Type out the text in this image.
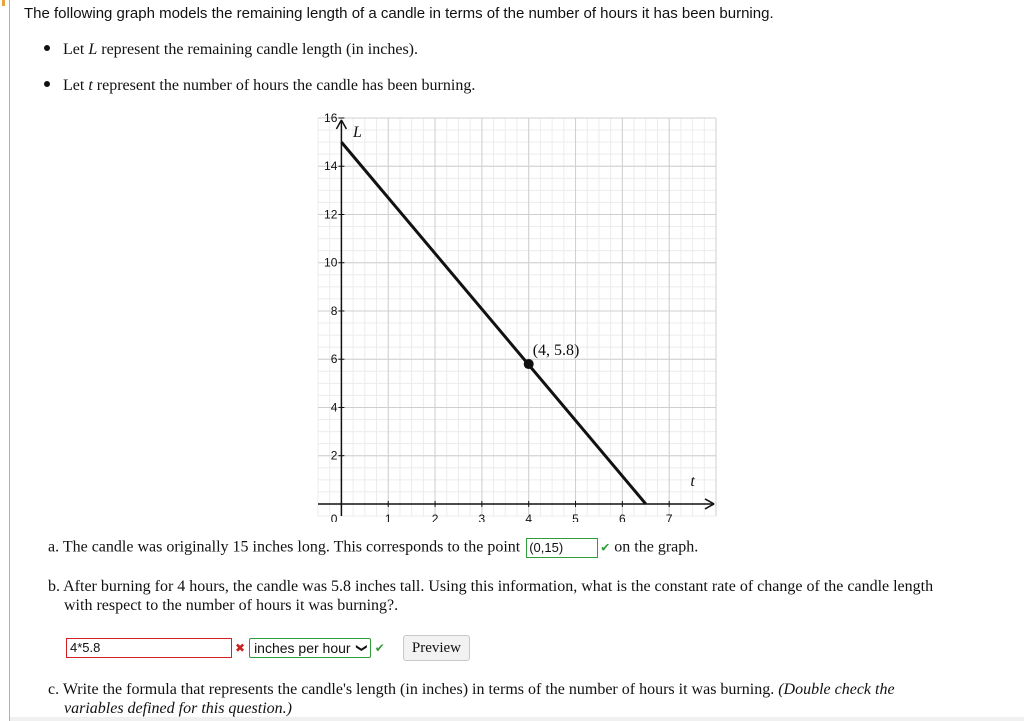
The following graph models the remaining length of a candle in terms of the number of hours it has been burning.
Let L represent the remaining candle length (in inches).
Let t represent the number of hours the candle has been burning.
t
L
0	1	2	3	4	5	6	7
2
4
6
8
10
12
14
16
(4, 5.8)
a. The candle was originally 15 inches long. This corresponds to the point (0,15)	✔ on the graph.
b. After burning for 4 hours, the candle was 5.8 inches tall. Using this information, what is the constant rate of change of the candle length
with respect to the number of hours it was burning?.
4*5.8	✖ inches per hour ❯ ✔	Preview
c. Write the formula that represents the candle's length (in inches) in terms of the number of hours it was burning. (Double check the
variables defined for this question.)
